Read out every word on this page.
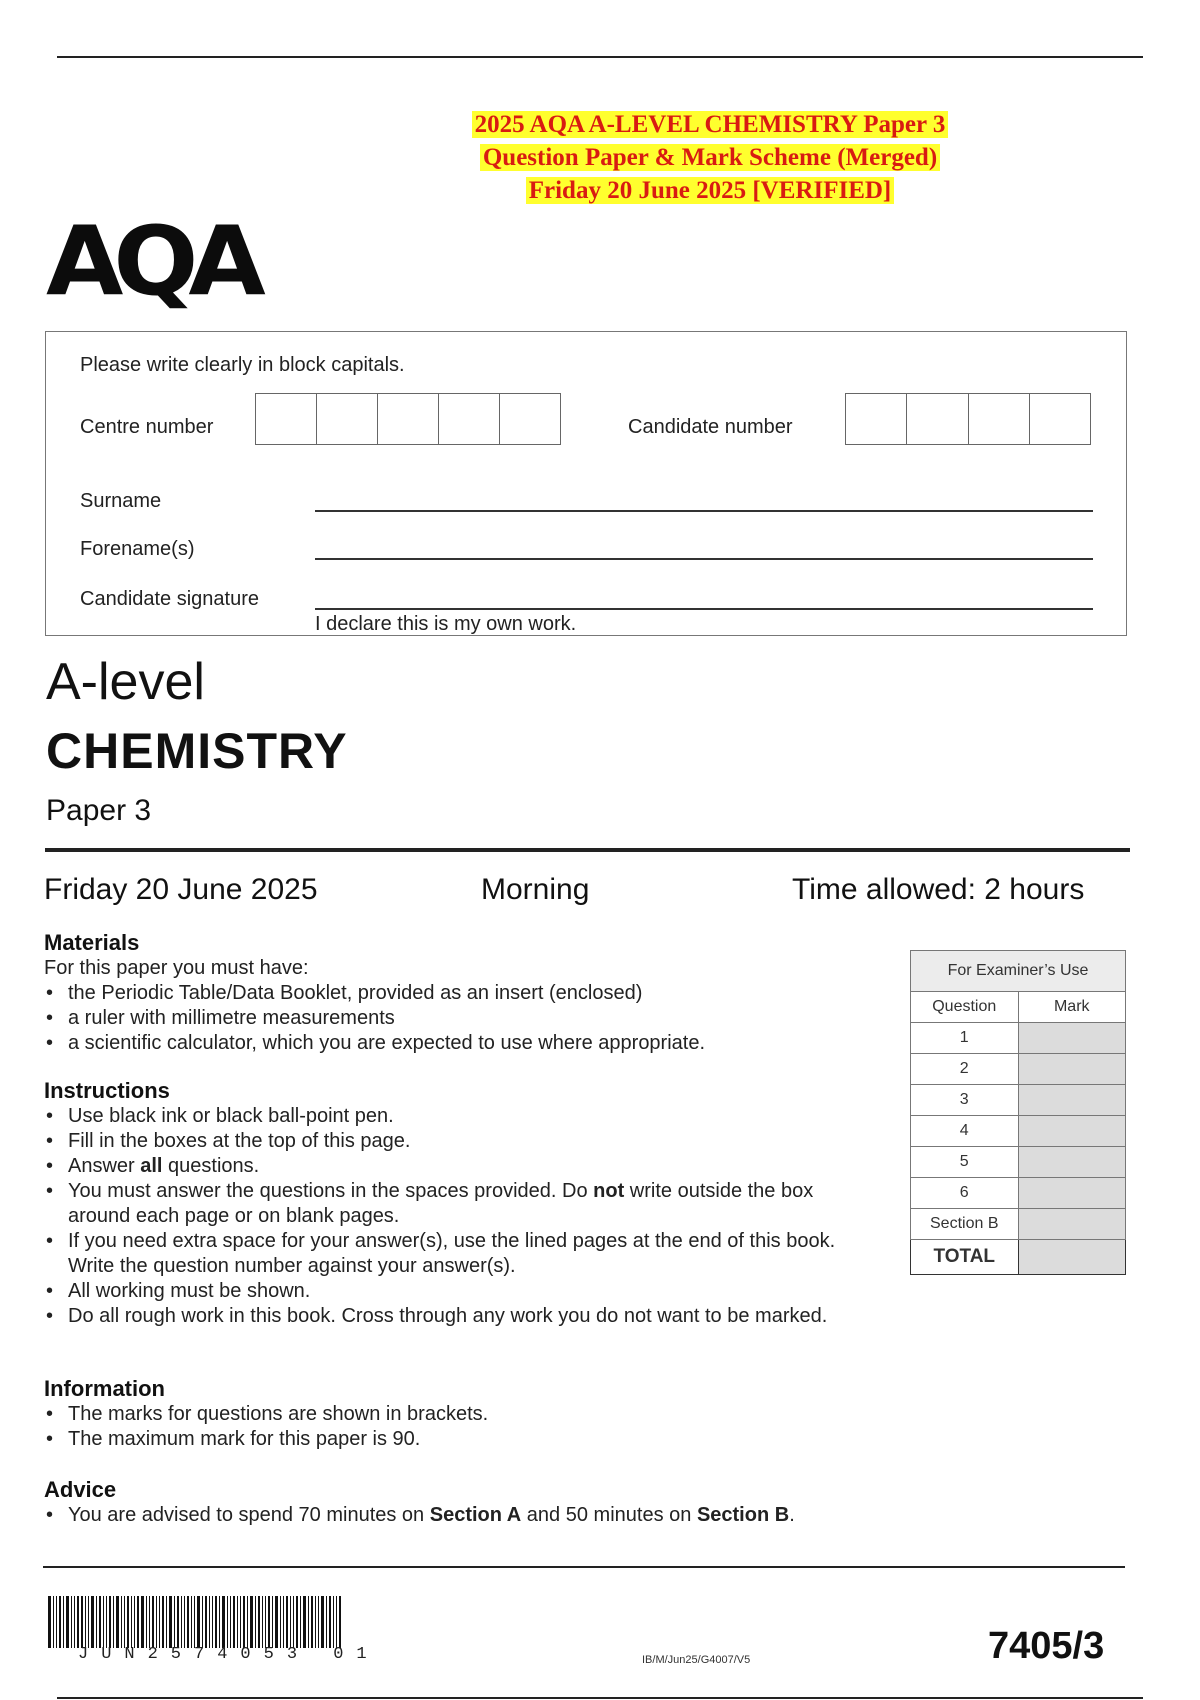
2025 AQA A-LEVEL CHEMISTRY Paper 3
Question Paper & Mark Scheme (Merged)
Friday 20 June 2025 [VERIFIED]
AQA
Please write clearly in block capitals.
Centre number	Candidate number
Surname
Forename(s)
Candidate signature
I declare this is my own work.
A-level
CHEMISTRY
Paper 3
Friday 20 June 2025	Morning	Time allowed: 2 hours
Materials
For this paper you must have:
• the Periodic Table/Data Booklet, provided as an insert (enclosed)
• a ruler with millimetre measurements
• a scientific calculator, which you are expected to use where appropriate.
Instructions
• Use black ink or black ball-point pen.
• Fill in the boxes at the top of this page.
• Answer all questions.
• You must answer the questions in the spaces provided. Do not write outside the box around each page or on blank pages.
• If you need extra space for your answer(s), use the lined pages at the end of this book. Write the question number against your answer(s).
• All working must be shown.
• Do all rough work in this book. Cross through any work you do not want to be marked.
Information
• The marks for questions are shown in brackets.
• The maximum mark for this paper is 90.
Advice
• You are advised to spend 70 minutes on Section A and 50 minutes on Section B.
For Examiner’s Use	
Question	Mark
1	
2	
3	
4	
5	
6	
Section B	
TOTAL	
JUN2574053 01	IB/M/Jun25/G4007/V5	7405/3
